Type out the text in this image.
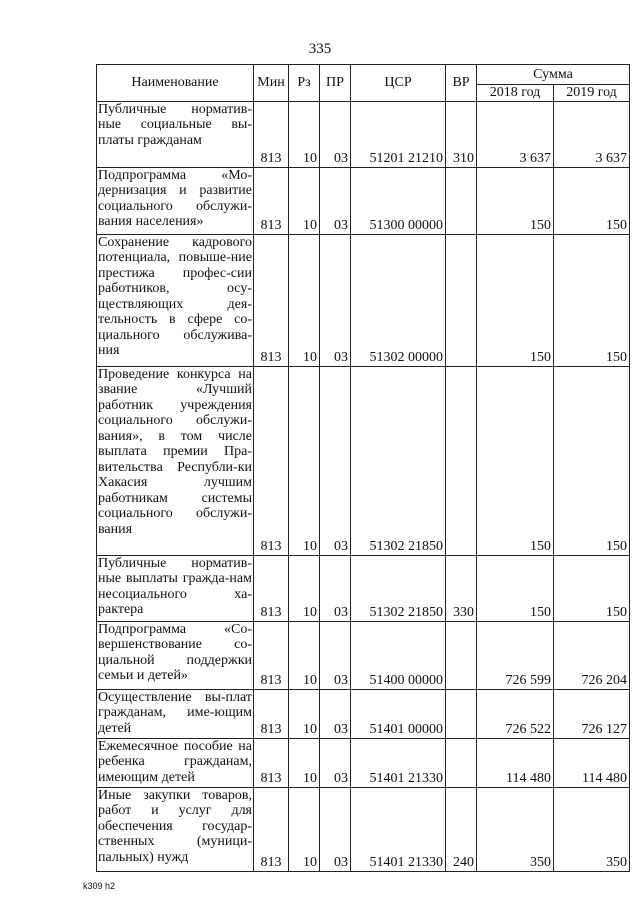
335
Наименование	Мин	Рз	ПР	ЦСР	ВР	Сумма	
						2018 год	2019 год
Публичные норматив-ные социальные вы-платы гражданам	813	10	03	51201 21210	310	3 637	3 637
Подпрограмма «Мо-дернизация и развитие социального обслужи-вания населения»	813	10	03	51300 00000		150	150
Сохранение кадрового потенциала, повыше-ние престижа профес-сии работников, осу-ществляющих дея-тельность в сфере со-циального обслужива-ния	813	10	03	51302 00000		150	150
Проведение конкурса на звание «Лучший работник учреждения социального обслужи-вания», в том числе выплата премии Пра-вительства Республи-ки Хакасия лучшим работникам системы социального обслужи-вания	813	10	03	51302 21850		150	150
Публичные норматив-ные выплаты гражда-нам несоциального ха-рактера	813	10	03	51302 21850	330	150	150
Подпрограмма «Со-вершенствование со-циальной поддержки семьи и детей»	813	10	03	51400 00000		726 599	726 204
Осуществление вы-плат гражданам, име-ющим детей	813	10	03	51401 00000		726 522	726 127
Ежемесячное пособие на ребенка гражданам, имеющим детей	813	10	03	51401 21330		114 480	114 480
Иные закупки товаров, работ и услуг для обеспечения государ-ственных (муници-пальных) нужд	813	10	03	51401 21330	240	350	350
k309 h2
